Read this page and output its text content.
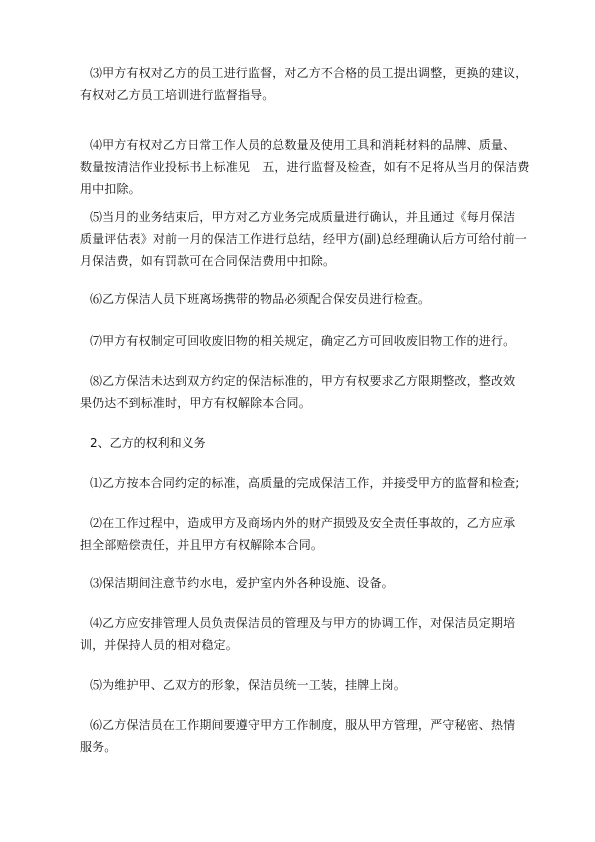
⑶甲方有权对乙方的员工进行监督，对乙方不合格的员工提出调整，更换的建议，
有权对乙方员工培训进行监督指导。

⑷甲方有权对乙方日常工作人员的总数量及使用工具和消耗材料的品牌、质量、
数量按清洁作业投标书上标准见　五，进行监督及检查，如有不足将从当月的保洁费
用中扣除。

⑸当月的业务结束后，甲方对乙方业务完成质量进行确认，并且通过《每月保洁
质量评估表》对前一月的保洁工作进行总结，经甲方(副)总经理确认后方可给付前一
月保洁费，如有罚款可在合同保洁费用中扣除。

⑹乙方保洁人员下班离场携带的物品必须配合保安员进行检查。

⑺甲方有权制定可回收废旧物的相关规定，确定乙方可回收废旧物工作的进行。

⑻乙方保洁未达到双方约定的保洁标准的，甲方有权要求乙方限期整改，整改效
果仍达不到标准时，甲方有权解除本合同。

2、乙方的权利和义务

⑴乙方按本合同约定的标准，高质量的完成保洁工作，并接受甲方的监督和检查;

⑵在工作过程中，造成甲方及商场内外的财产损毁及安全责任事故的，乙方应承
担全部赔偿责任，并且甲方有权解除本合同。

⑶保洁期间注意节约水电，爱护室内外各种设施、设备。

⑷乙方应安排管理人员负责保洁员的管理及与甲方的协调工作，对保洁员定期培
训，并保持人员的相对稳定。

⑸为维护甲、乙双方的形象，保洁员统一工装，挂牌上岗。

⑹乙方保洁员在工作期间要遵守甲方工作制度，服从甲方管理，严守秘密、热情
服务。
